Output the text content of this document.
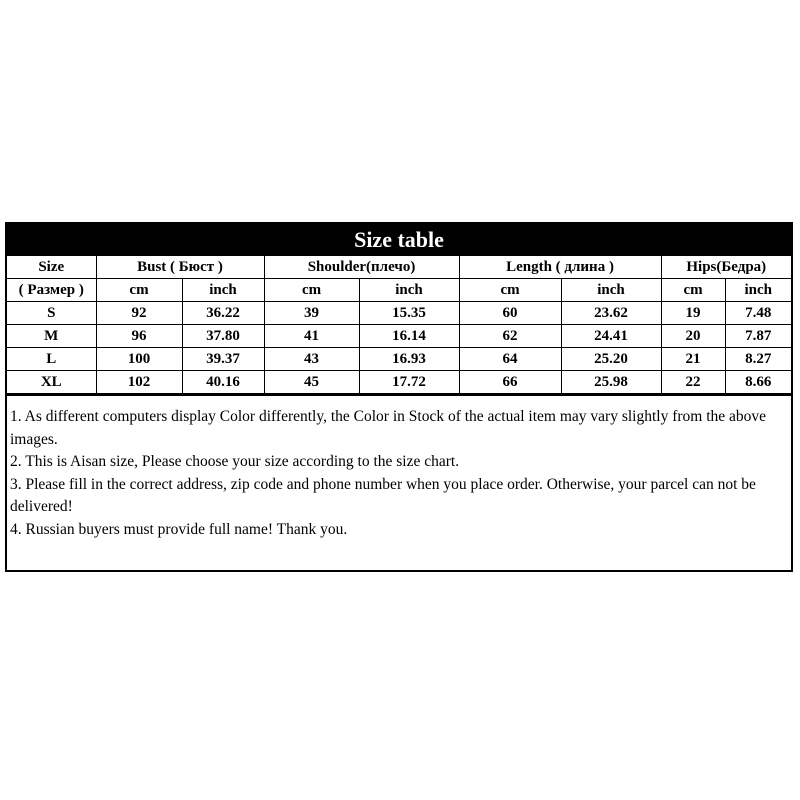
Size table
Size	Bust ( Бюст )		Shoulder(плечо)		Length ( длина )		Hips(Бедра)	
( Размер )	cm	inch	cm	inch	cm	inch	cm	inch
S	92	36.22	39	15.35	60	23.62	19	7.48
M	96	37.80	41	16.14	62	24.41	20	7.87
L	100	39.37	43	16.93	64	25.20	21	8.27
XL	102	40.16	45	17.72	66	25.98	22	8.66

1. As different computers display Color differently, the Color in Stock of the actual item may vary slightly from the above images.

2. This is Aisan size, Please choose your size according to the size chart.

3. Please fill in the correct address, zip code and phone number when you place order. Otherwise, your parcel can not be delivered!

4. Russian buyers must provide full name! Thank you.
